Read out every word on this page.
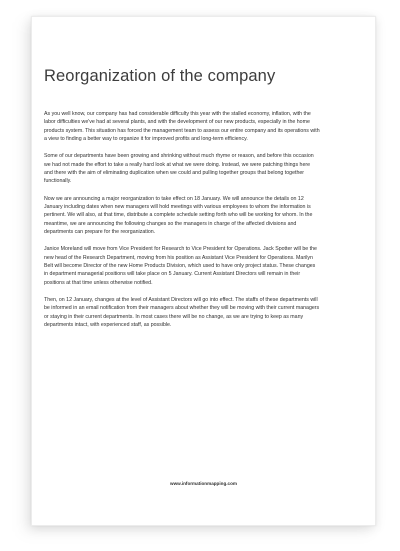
Reorganization of the company

As you well know, our company has had considerable difficulty this year with the stalled economy, inflation, with the labor difficulties we've had at several plants, and with the development of our new products, especially in the home products system. This situation has forced the management team to assess our entire company and its operations with a view to finding a better way to organize it for improved profits and long-term efficiency.

Some of our departments have been growing and shrinking without much rhyme or reason, and before this occasion we had not made the effort to take a really hard look at what we were doing. Instead, we were patching things here and there with the aim of eliminating duplication when we could and pulling together groups that belong together functionally.

Now we are announcing a major reorganization to take effect on 18 January. We will announce the details on 12 January including dates when new managers will hold meetings with various employees to whom the information is pertinent. We will also, at that time, distribute a complete schedule setting forth who will be working for whom. In the meantime, we are announcing the following changes so the managers in charge of the affected divisions and departments can prepare for the reorganization.

Janice Moreland will move from Vice President for Research to Vice President for Operations. Jack Spotter will be the new head of the Research Department, moving from his position as Assistant Vice President for Operations. Marilyn Belt will become Director of the new Home Products Division, which used to have only project status. These changes in department managerial positions will take place on 5 January. Current Assistant Directors will remain in their positions at that time unless otherwise notified.

Then, on 12 January, changes at the level of Assistant Directors will go into effect. The staffs of these departments will be informed in an email notification from their managers about whether they will be moving with their current managers or staying in their current departments. In most cases there will be no change, as we are trying to keep as many departments intact, with experienced staff, as possible.

www.informationmapping.com
